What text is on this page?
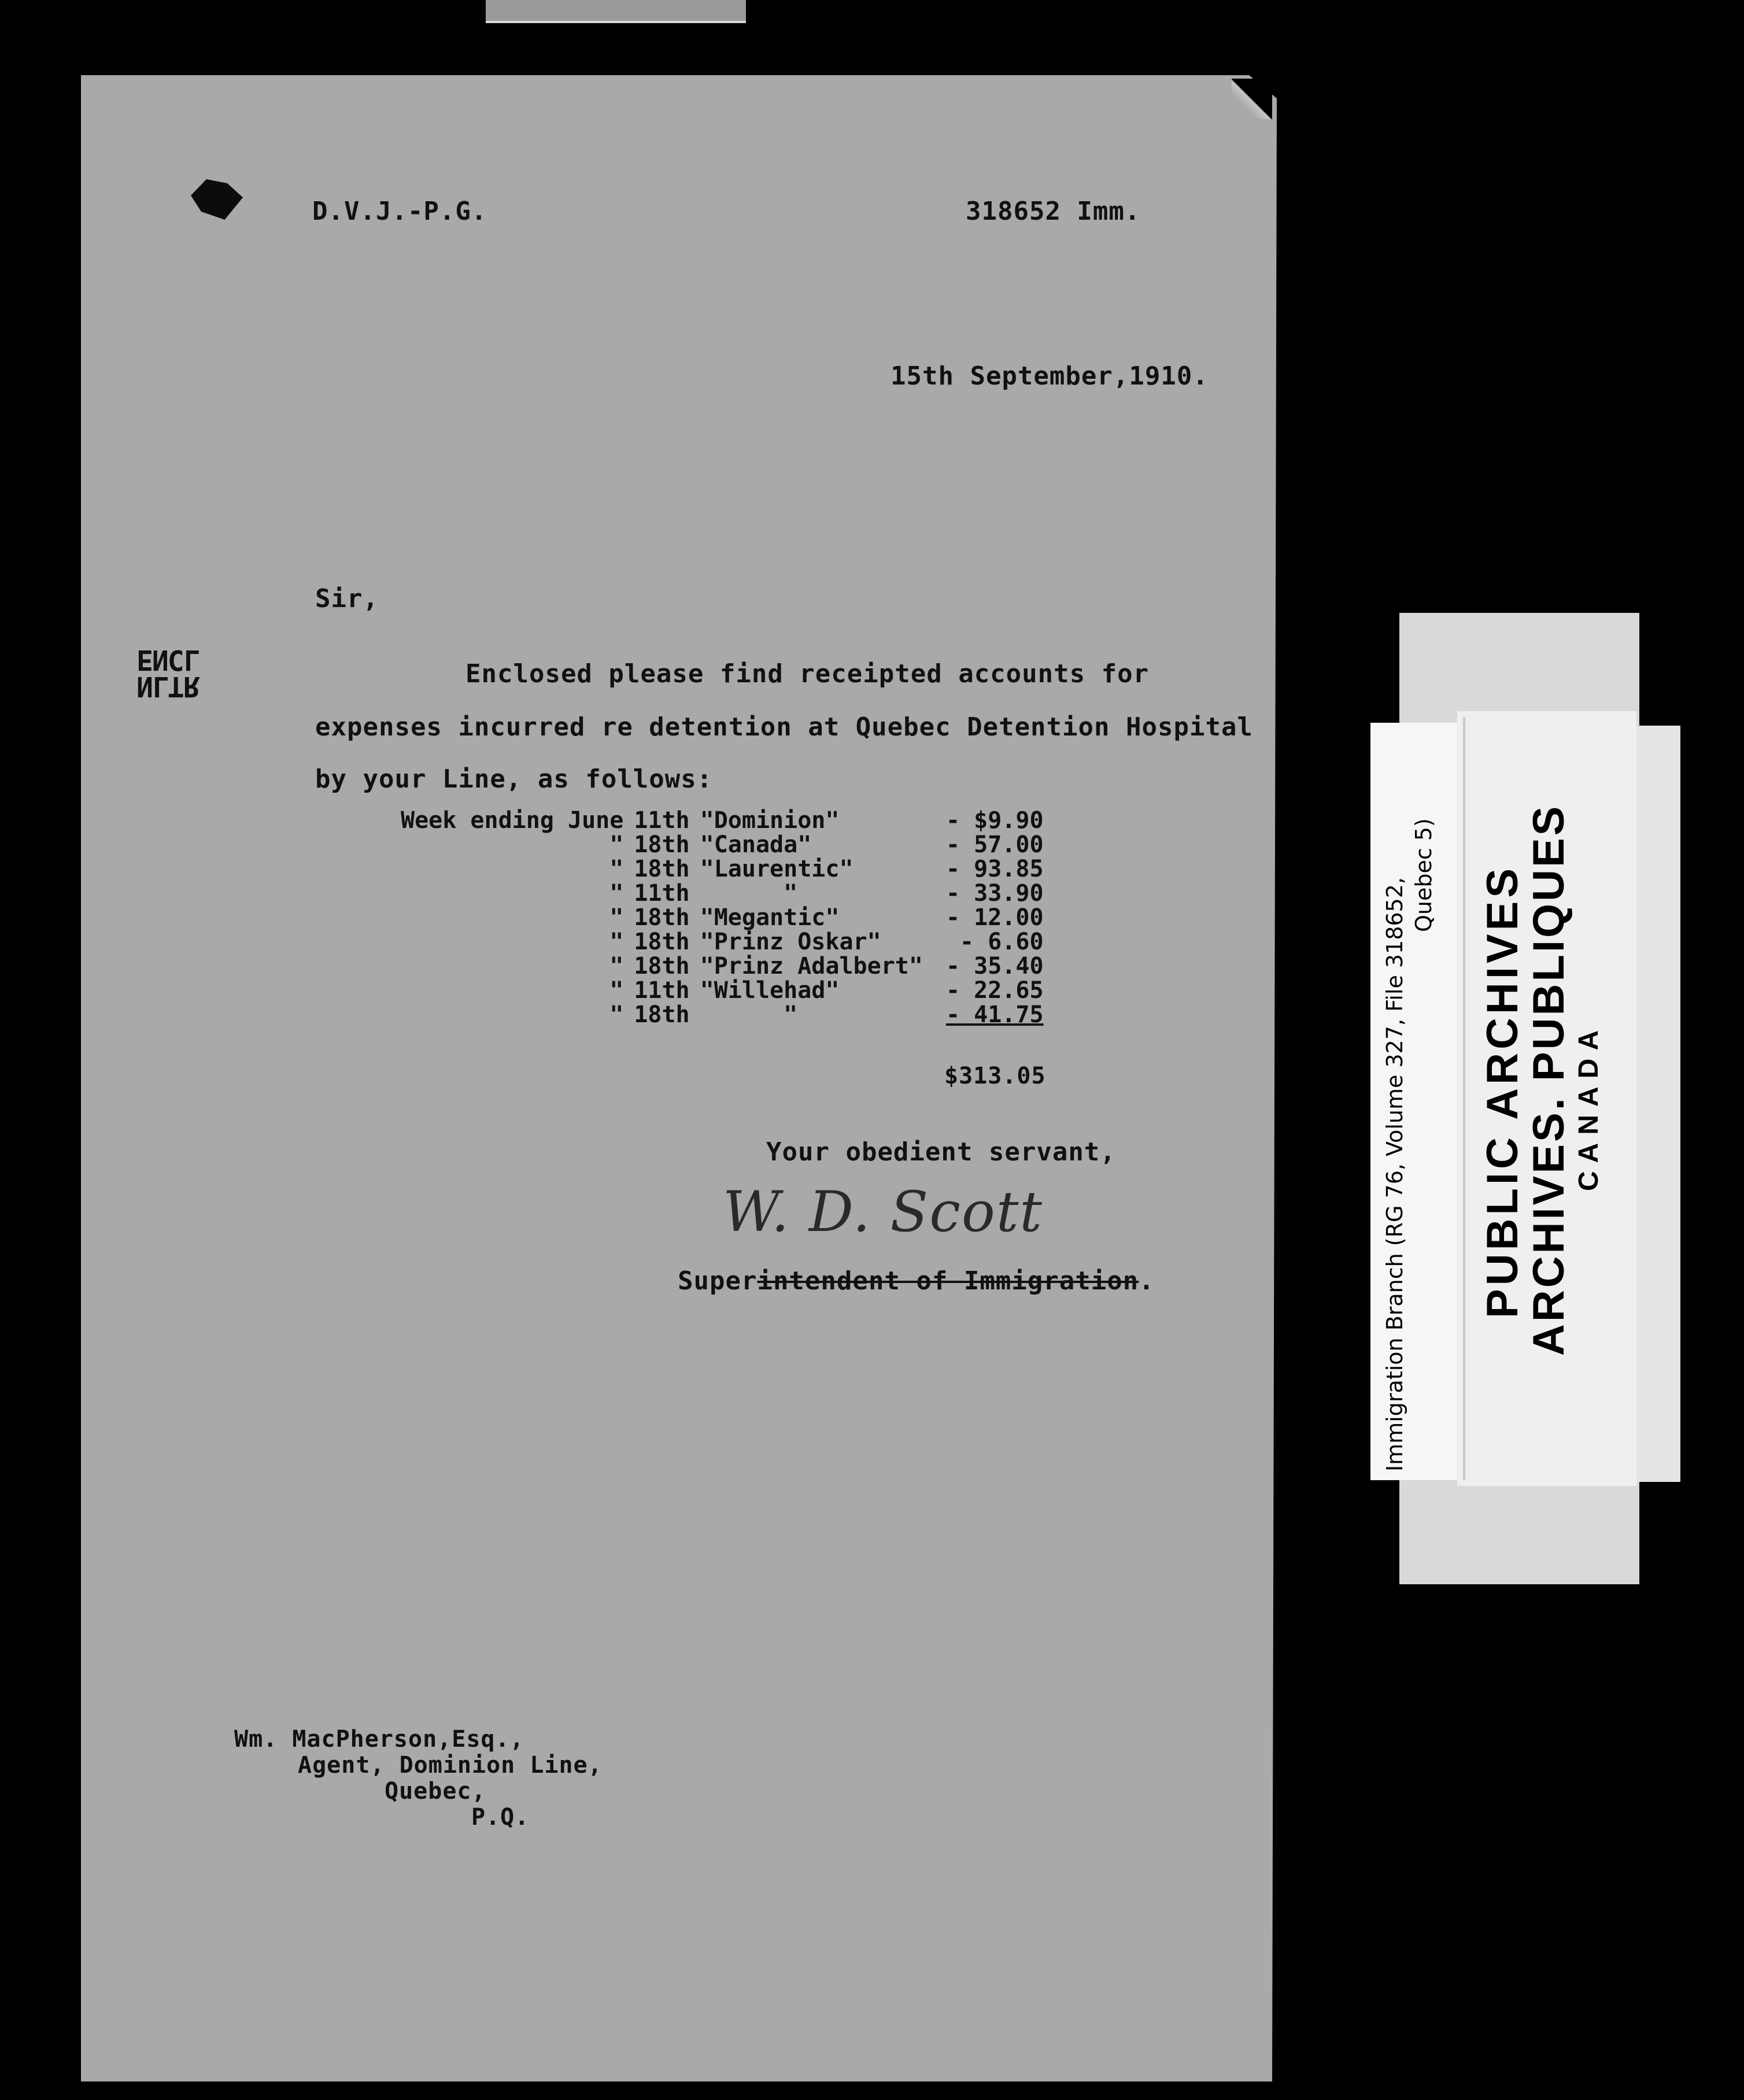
D.V.J.-P.G.	318652 Imm.
15th September,1910.
Sir,
NLTR
ENCL	Enclosed please find receipted accounts for
expenses incurred re detention at Quebec Detention Hospital
by your Line, as follows:
Week ending June	11th	"Dominion"	- $9.90
"	18th	"Canada"	- 57.00
"	18th	"Laurentic"	- 93.85
"	11th	"	- 33.90
"	18th	"Megantic"	- 12.00
"	18th	"Prinz Oskar"	- 6.60
"	18th	"Prinz Adalbert"	- 35.40
"	11th	"Willehad"	- 22.65
"	18th	"	- 41.75
$313.05
Your obedient servant,
W. D. Scott
Superintendent of Immigration.
Wm. MacPherson,Esq.,
Agent, Dominion Line,
Quebec,
P.Q.
Immigration Branch (RG 76, Volume 327, File 318652,
Quebec 5) PUBLIC ARCHIVES
ARCHIVES. PUBLIQUES CANADA
